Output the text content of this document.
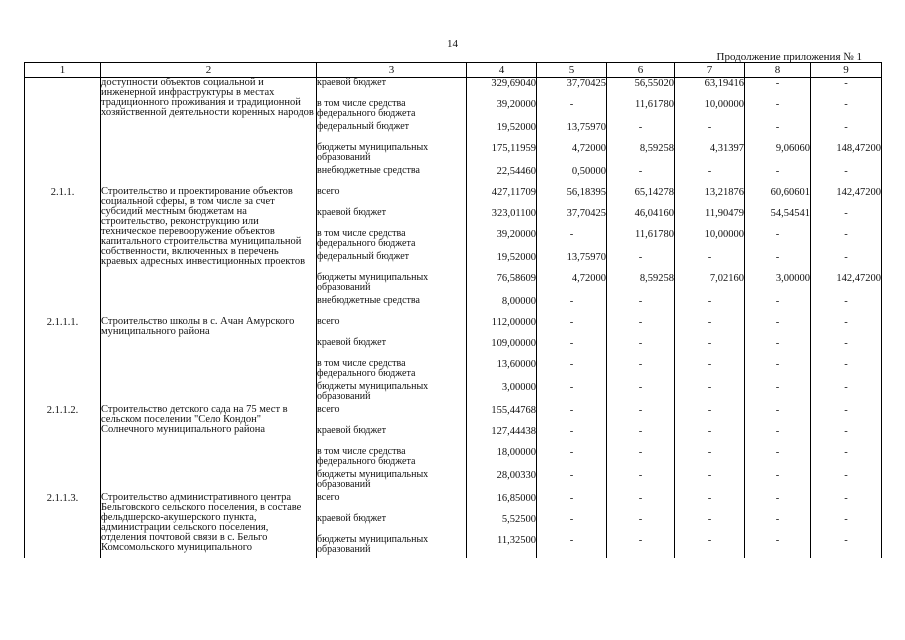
14
Продолжение приложения № 1
1	2	3	4	5	6	7	8	9
	доступности объектов социальной и инженерной инфраструктуры в местах традиционного проживания и традиционной хозяйственной деятельности коренных народов	краевой бюджет	329,69040	37,70425	56,55020	63,19416	-	-
		в том числе средства федерального бюджета	39,20000	-	11,61780	10,00000	-	-
		федеральный бюджет	19,52000	13,75970	-	-	-	-
		бюджеты муниципальных образований	175,11959	4,72000	8,59258	4,31397	9,06060	148,47200
		внебюджетные средства	22,54460	0,50000	-	-	-	-
2.1.1.	Строительство и проектирование объектов социальной сферы, в том числе за счет субсидий местным бюджетам на строительство, реконструкцию или техническое перевооружение объектов капитального строительства муниципальной собственности, включенных в перечень краевых адресных инвестиционных проектов	всего	427,11709	56,18395	65,14278	13,21876	60,60601	142,47200
		краевой бюджет	323,01100	37,70425	46,04160	11,90479	54,54541	-
		в том числе средства федерального бюджета	39,20000	-	11,61780	10,00000	-	-
		федеральный бюджет	19,52000	13,75970	-	-	-	-
		бюджеты муниципальных образований	76,58609	4,72000	8,59258	7,02160	3,00000	142,47200
		внебюджетные средства	8,00000	-	-	-	-	-
2.1.1.1.	Строительство школы в с. Ачан Амурского муниципального района	всего	112,00000	-	-	-	-	-
		краевой бюджет	109,00000	-	-	-	-	-
		в том числе средства федерального бюджета	13,60000	-	-	-	-	-
		бюджеты муниципальных образований	3,00000	-	-	-	-	-
2.1.1.2.	Строительство детского сада на 75 мест в сельском поселении "Село Кондон" Солнечного муниципального района	всего	155,44768	-	-	-	-	-
		краевой бюджет	127,44438	-	-	-	-	-
		в том числе средства федерального бюджета	18,00000	-	-	-	-	-
		бюджеты муниципальных образований	28,00330	-	-	-	-	-
2.1.1.3.	Строительство административного центра Бельговского сельского поселения, в составе фельдшерско-акушерского пункта, администрации сельского поселения, отделения почтовой связи в с. Бельго Комсомольского муниципального	всего	16,85000	-	-	-	-	-
		краевой бюджет	5,52500	-	-	-	-	-
		бюджеты муниципальных образований	11,32500	-	-	-	-	-
